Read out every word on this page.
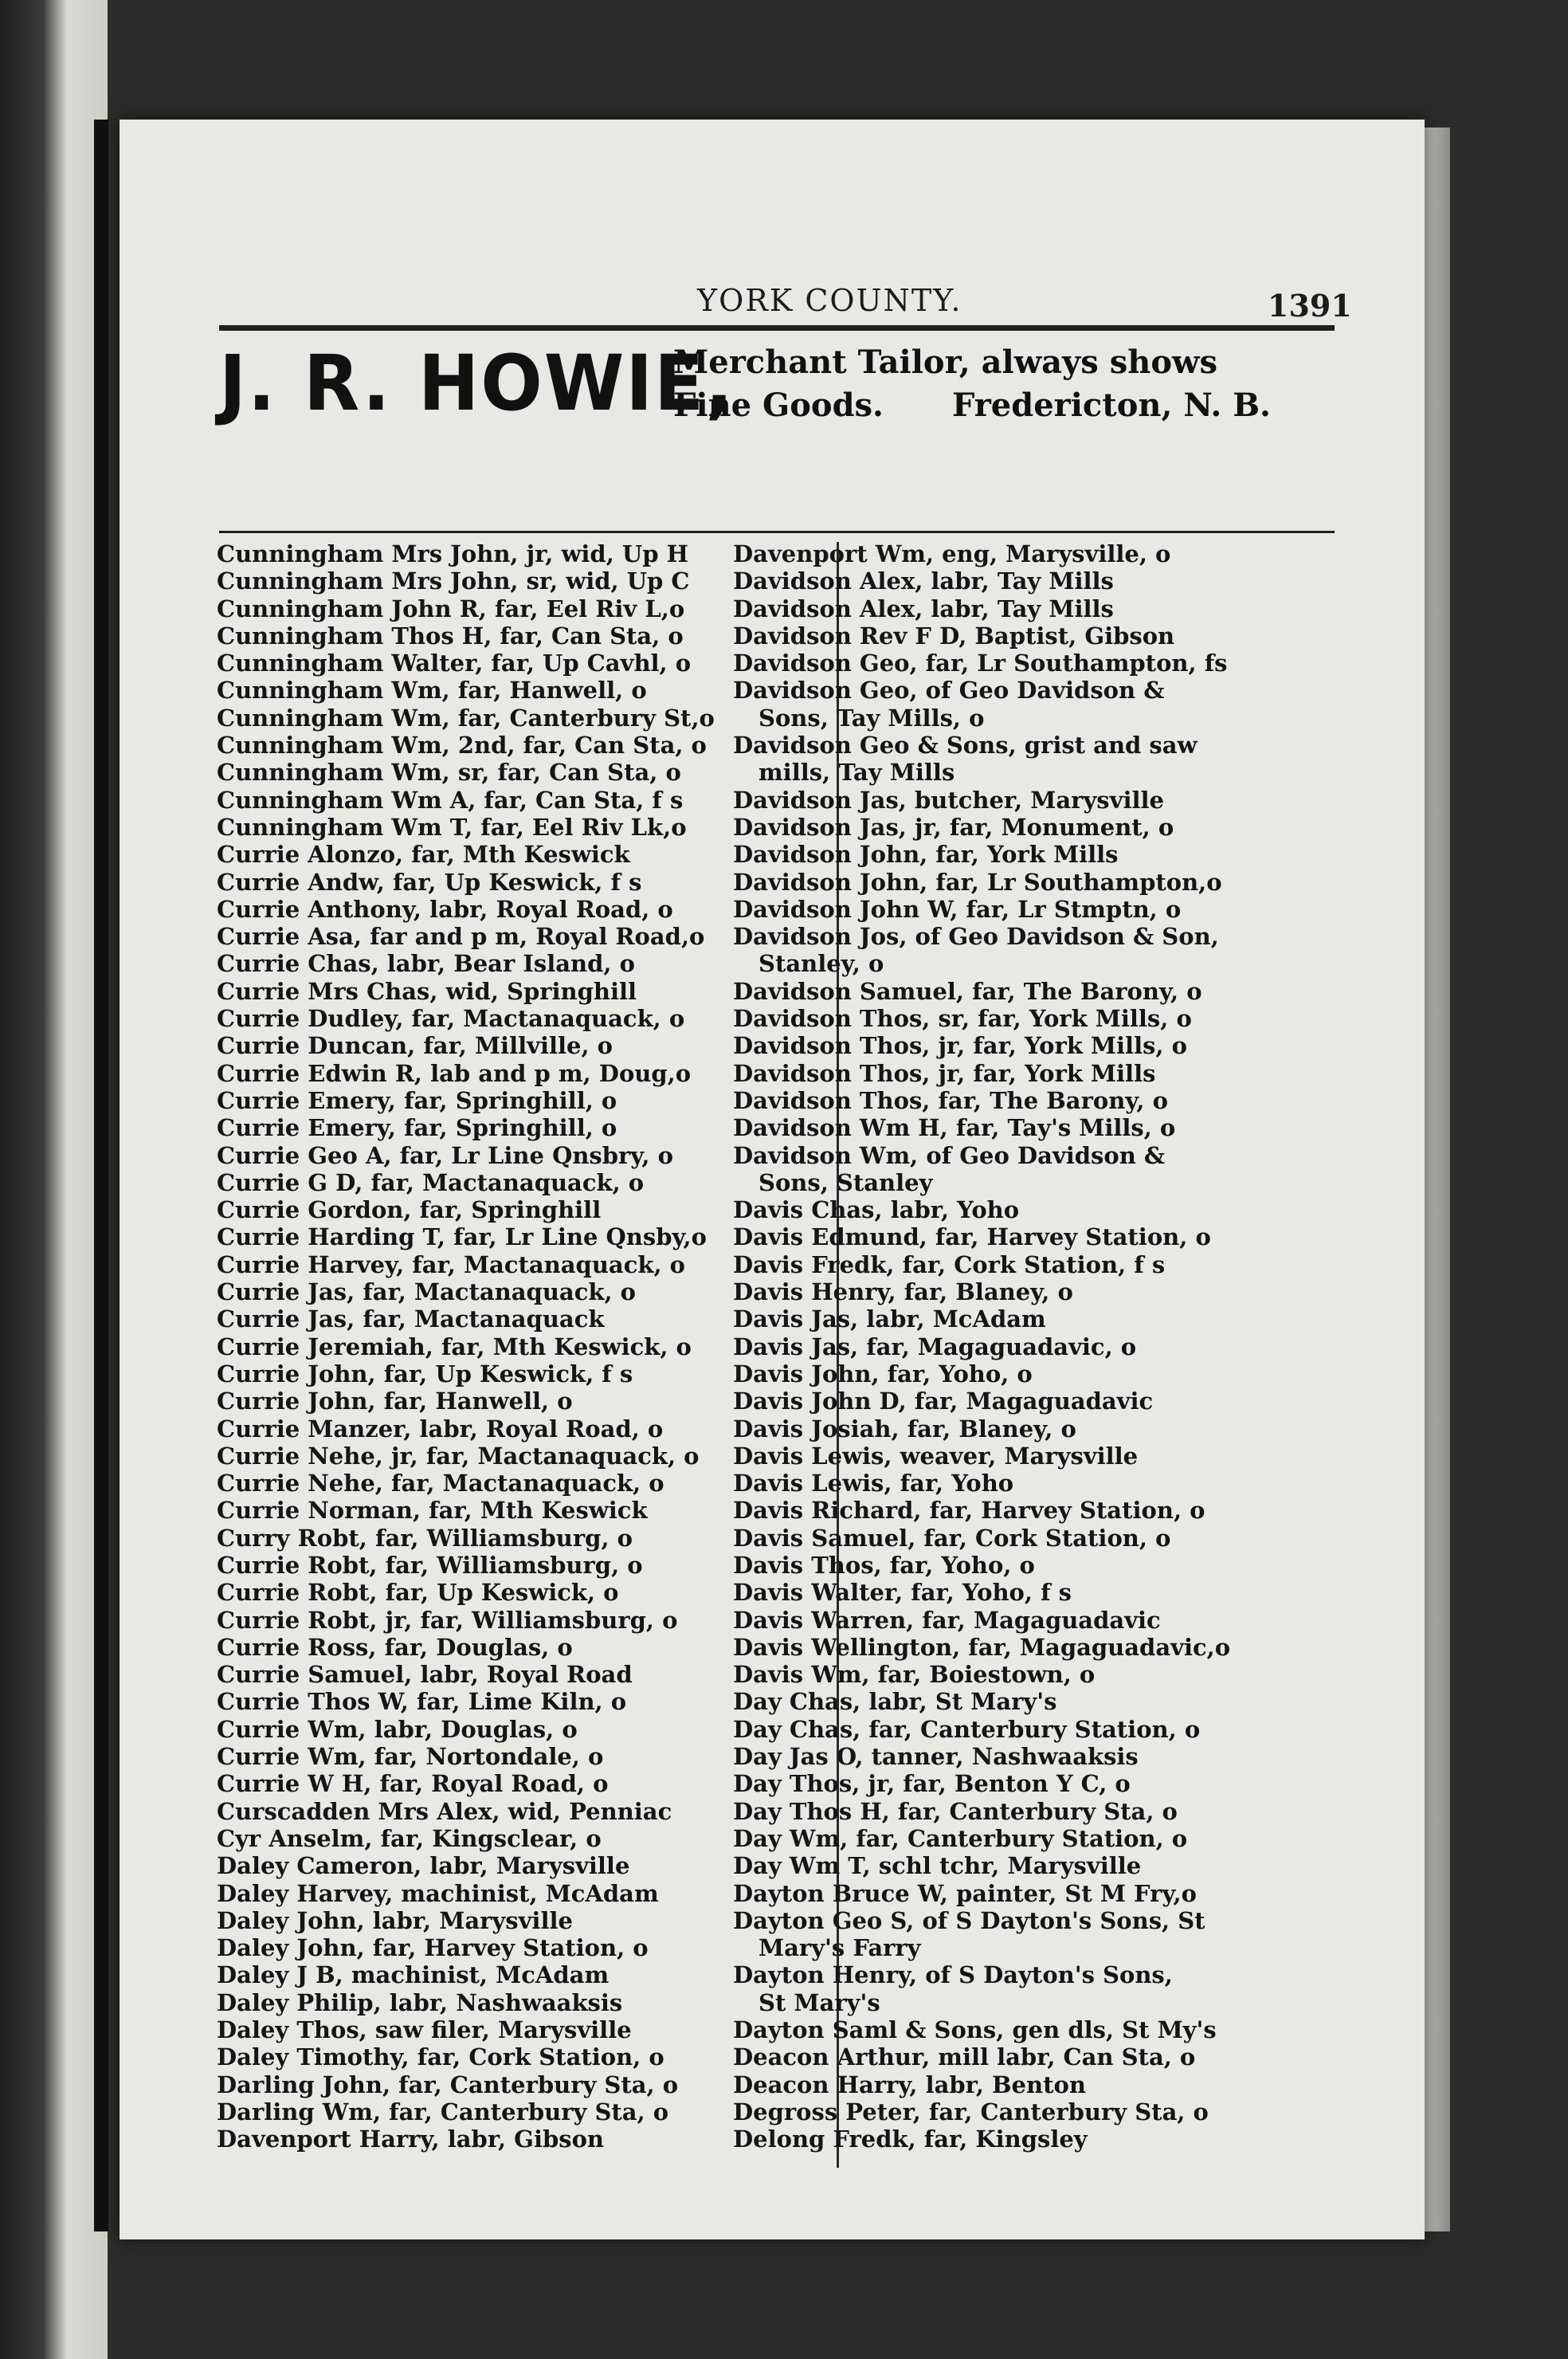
YORK COUNTY.	1391
J. R. HOWIE,
Merchant Tailor, always shows
Fine Goods. Fredericton, N. B.
Cunningham Mrs John, jr, wid, Up H
Cunningham Mrs John, sr, wid, Up C
Cunningham John R, far, Eel Riv L,o
Cunningham Thos H, far, Can Sta, o
Cunningham Walter, far, Up Cavhl, o
Cunningham Wm, far, Hanwell, o
Cunningham Wm, far, Canterbury St,o
Cunningham Wm, 2nd, far, Can Sta, o
Cunningham Wm, sr, far, Can Sta, o
Cunningham Wm A, far, Can Sta, f s
Cunningham Wm T, far, Eel Riv Lk,o
Currie Alonzo, far, Mth Keswick
Currie Andw, far, Up Keswick, f s
Currie Anthony, labr, Royal Road, o
Currie Asa, far and p m, Royal Road,o
Currie Chas, labr, Bear Island, o
Currie Mrs Chas, wid, Springhill
Currie Dudley, far, Mactanaquack, o
Currie Duncan, far, Millville, o
Currie Edwin R, lab and p m, Doug,o
Currie Emery, far, Springhill, o
Currie Emery, far, Springhill, o
Currie Geo A, far, Lr Line Qnsbry, o
Currie G D, far, Mactanaquack, o
Currie Gordon, far, Springhill
Currie Harding T, far, Lr Line Qnsby,o
Currie Harvey, far, Mactanaquack, o
Currie Jas, far, Mactanaquack, o
Currie Jas, far, Mactanaquack
Currie Jeremiah, far, Mth Keswick, o
Currie John, far, Up Keswick, f s
Currie John, far, Hanwell, o
Currie Manzer, labr, Royal Road, o
Currie Nehe, jr, far, Mactanaquack, o
Currie Nehe, far, Mactanaquack, o
Currie Norman, far, Mth Keswick
Curry Robt, far, Williamsburg, o
Currie Robt, far, Williamsburg, o
Currie Robt, far, Up Keswick, o
Currie Robt, jr, far, Williamsburg, o
Currie Ross, far, Douglas, o
Currie Samuel, labr, Royal Road
Currie Thos W, far, Lime Kiln, o
Currie Wm, labr, Douglas, o
Currie Wm, far, Nortondale, o
Currie W H, far, Royal Road, o
Curscadden Mrs Alex, wid, Penniac
Cyr Anselm, far, Kingsclear, o
Daley Cameron, labr, Marysville
Daley Harvey, machinist, McAdam
Daley John, labr, Marysville
Daley John, far, Harvey Station, o
Daley J B, machinist, McAdam
Daley Philip, labr, Nashwaaksis
Daley Thos, saw filer, Marysville
Daley Timothy, far, Cork Station, o
Darling John, far, Canterbury Sta, o
Darling Wm, far, Canterbury Sta, o
Davenport Harry, labr, Gibson
Davenport Wm, eng, Marysville, o
Davidson Alex, labr, Tay Mills
Davidson Alex, labr, Tay Mills
Davidson Rev F D, Baptist, Gibson
Davidson Geo, far, Lr Southampton, fs
Davidson Geo, of Geo Davidson &
Sons, Tay Mills, o
Davidson Geo & Sons, grist and saw
mills, Tay Mills
Davidson Jas, butcher, Marysville
Davidson Jas, jr, far, Monument, o
Davidson John, far, York Mills
Davidson John, far, Lr Southampton,o
Davidson John W, far, Lr Stmptn, o
Davidson Jos, of Geo Davidson & Son,
Stanley, o
Davidson Samuel, far, The Barony, o
Davidson Thos, sr, far, York Mills, o
Davidson Thos, jr, far, York Mills, o
Davidson Thos, jr, far, York Mills
Davidson Thos, far, The Barony, o
Davidson Wm H, far, Tay's Mills, o
Davidson Wm, of Geo Davidson &
Sons, Stanley
Davis Chas, labr, Yoho
Davis Edmund, far, Harvey Station, o
Davis Fredk, far, Cork Station, f s
Davis Henry, far, Blaney, o
Davis Jas, labr, McAdam
Davis Jas, far, Magaguadavic, o
Davis John, far, Yoho, o
Davis John D, far, Magaguadavic
Davis Josiah, far, Blaney, o
Davis Lewis, weaver, Marysville
Davis Lewis, far, Yoho
Davis Richard, far, Harvey Station, o
Davis Samuel, far, Cork Station, o
Davis Thos, far, Yoho, o
Davis Walter, far, Yoho, f s
Davis Warren, far, Magaguadavic
Davis Wellington, far, Magaguadavic,o
Davis Wm, far, Boiestown, o
Day Chas, labr, St Mary's
Day Chas, far, Canterbury Station, o
Day Jas O, tanner, Nashwaaksis
Day Thos, jr, far, Benton Y C, o
Day Thos H, far, Canterbury Sta, o
Day Wm, far, Canterbury Station, o
Day Wm T, schl tchr, Marysville
Dayton Bruce W, painter, St M Fry,o
Dayton Geo S, of S Dayton's Sons, St
Mary's Farry
Dayton Henry, of S Dayton's Sons,
St Mary's
Dayton Saml & Sons, gen dls, St My's
Deacon Arthur, mill labr, Can Sta, o
Deacon Harry, labr, Benton
Degross Peter, far, Canterbury Sta, o
Delong Fredk, far, Kingsley
